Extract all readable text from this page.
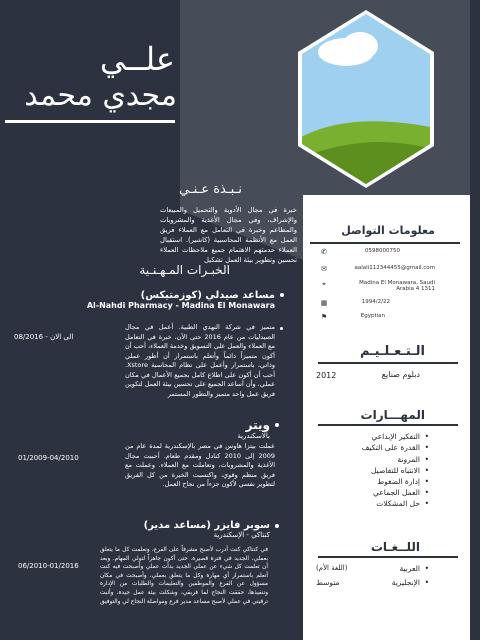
علــي
مجدي محمد
نـبـذة عـنـي
خبرة في مجال الأدوية والتحميل والمبيعات والإشراف، وفي مجال الأغذية والمشروبات والمطاعم وخبرة في التعامل مع العملاء فريق العمل مع الأنظمة المحاسبية (كاشير). استقبال العملاء حدمتهم الاهتمام جميع ملاحظات العملاء تحسين وتطوير بيئة العمل تشكيل
الخبـرات المـهـنـية
مساعد صيدلي (كوزمتيكس)
Al-Nahdi Pharmacy - Madina El Monawara
متميز في شركة النهدي الطبية. أعمل في مجال الصيدليات من عام 2016 حتى الآن، خبرة في التعامل مع العملاء والعمل على التسويق وخدمة العملاء، أحب أن أكون متميزاً دائماً وأتعلم باستمرار أن أطور عملي وذاتي، باستمرار وأعمل على نظام المحاسبة Xstore. أحب أن أكون على اطلاع كامل بجميع الأعمال في مكان عملي، وأن أساعد الجميع على تحسين بيئة العمل لتكوين فريق عمل واحد متميز والتطور المستمر
08/2016 - الى الان
ويتر
بالاسكندرية
عملت بيتزا هاوس في مصر بالإسكندرية لمدة عام من 2009 إلى 2010 كنادل ومقدم طعام. أحببت مجال الأغذية والمشروبات، وتعاملت مع العملاء. وعملت مع فريق منظم وقوي، واكتسبت الخبرة من كل الفريق لتطوير نفسي لأكون جزءاً من نجاح العمل.
01/2009-04/2010
سوبر فايزر (مساعد مدير)
كنتاكي - الإسكندرية
في كنتاكي كنت أدرب لأصبح مشرفاً على الفرع، وتعلمت كل ما يتعلق بعملي، الجديد في فترة قصيرة. حتى أكون جاهزاً لتولي المهام. وبعد أن تعلمت كل شيء عن عملي الجديد بدأت عملي وأصبحت فيه كنت أتعلم باستمرار أي مهارة وكل ما يتعلق بعملي، وأصبحت في مكان مسؤول عن الفرع والموظفين والتعليمات والطلبات من الإدارة وتنفيذها، حققت النجاح لما فريقي، وشكلت بيئة عمل جيدة، وأثبت ترقيتي في عملي لأصبح مساعد مدير فرع ومواصلة النجاح لي والتوفيق
06/2010-01/2016
معلومات التواصل
✆	0598000750
✉	aalali112344455@gmail.com
⌖	Madina El Monawara, Saudi Arabia 4 1311
▦	1994/2/22
⚑	Egyptian
الـتـعـلـيـم
دبلوم صنايع
2012
المهـــارات
• التفكير الإبداعي
• القدرة على التكيف
• المرونة
• الانتباه للتفاصيل
• إدارة الضغوط
• العمل الجماعي
• حل المشكلات
اللــغـات
• العربية
(اللغة الأم)
• الإنجليزية
متوسط
